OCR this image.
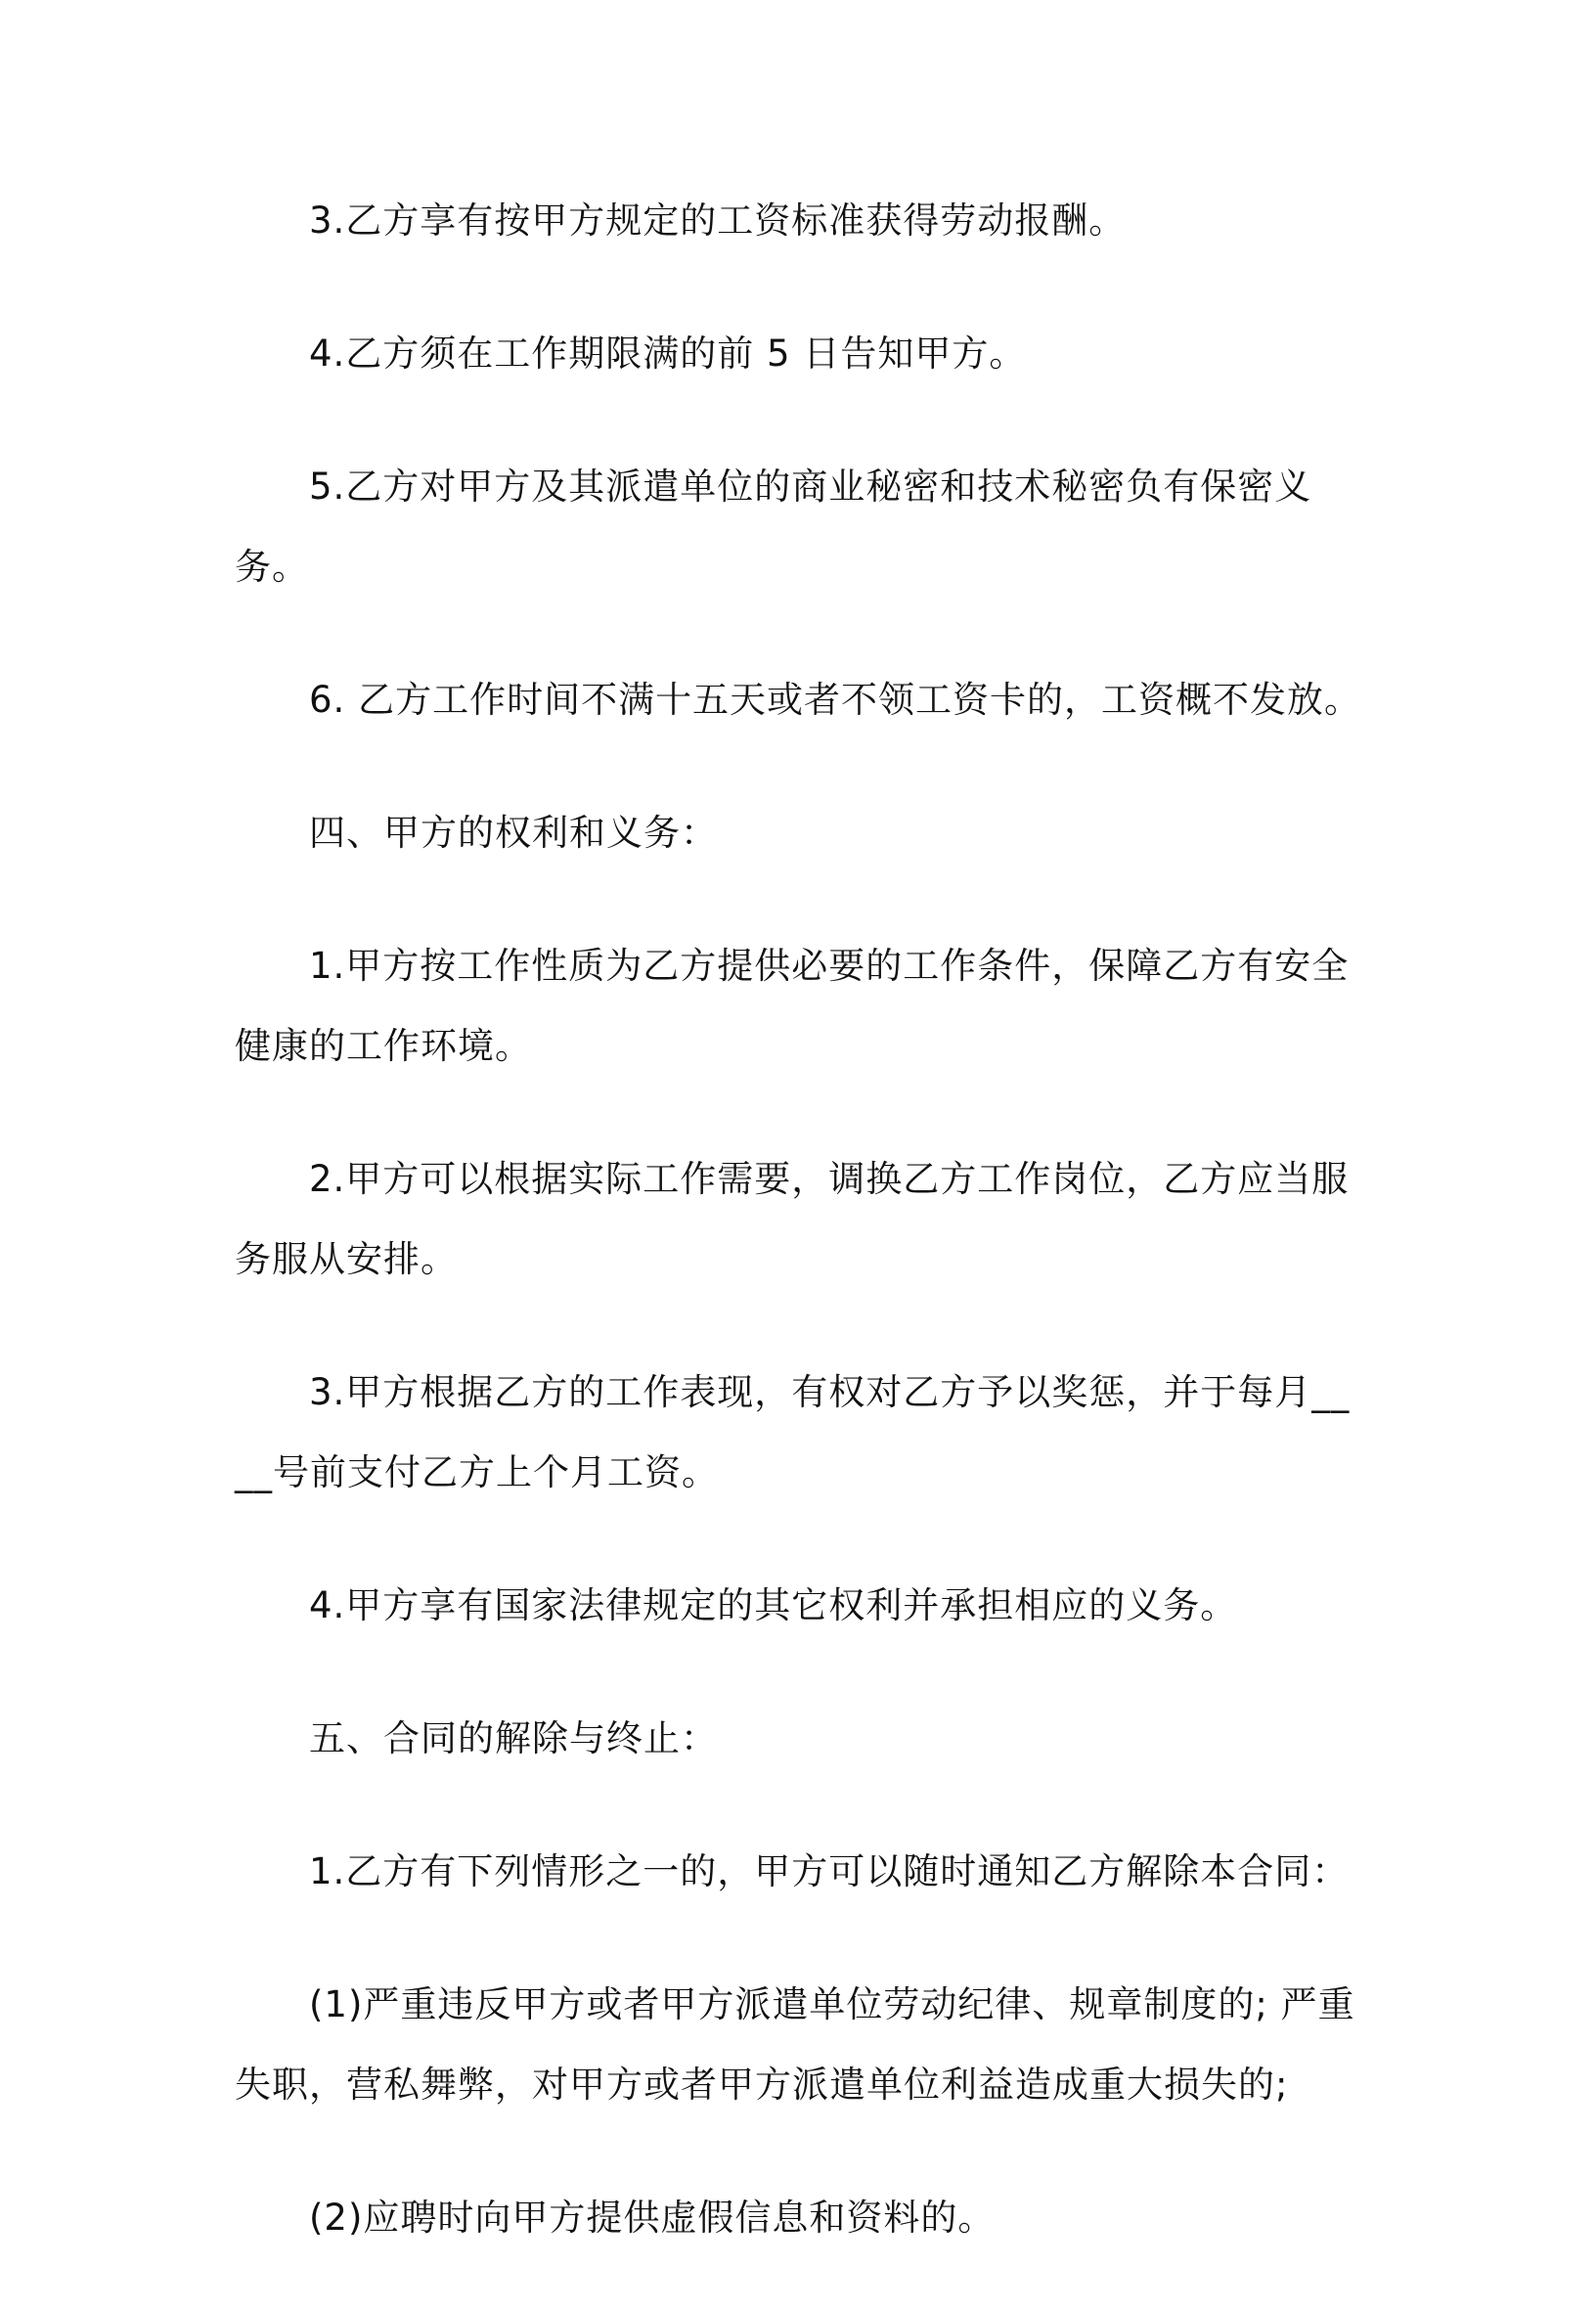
3.乙方享有按甲方规定的工资标准获得劳动报酬。

4.乙方须在工作期限满的前 5 日告知甲方。

5.乙方对甲方及其派遣单位的商业秘密和技术秘密负有保密义务。

6. 乙方工作时间不满十五天或者不领工资卡的，工资概不发放。

四、甲方的权利和义务：

1.甲方按工作性质为乙方提供必要的工作条件，保障乙方有安全健康的工作环境。

2.甲方可以根据实际工作需要，调换乙方工作岗位，乙方应当服务服从安排。

3.甲方根据乙方的工作表现，有权对乙方予以奖惩，并于每月____号前支付乙方上个月工资。

4.甲方享有国家法律规定的其它权利并承担相应的义务。

五、合同的解除与终止：

1.乙方有下列情形之一的，甲方可以随时通知乙方解除本合同：

(1)严重违反甲方或者甲方派遣单位劳动纪律、规章制度的; 严重失职，营私舞弊，对甲方或者甲方派遣单位利益造成重大损失的;

(2)应聘时向甲方提供虚假信息和资料的。
